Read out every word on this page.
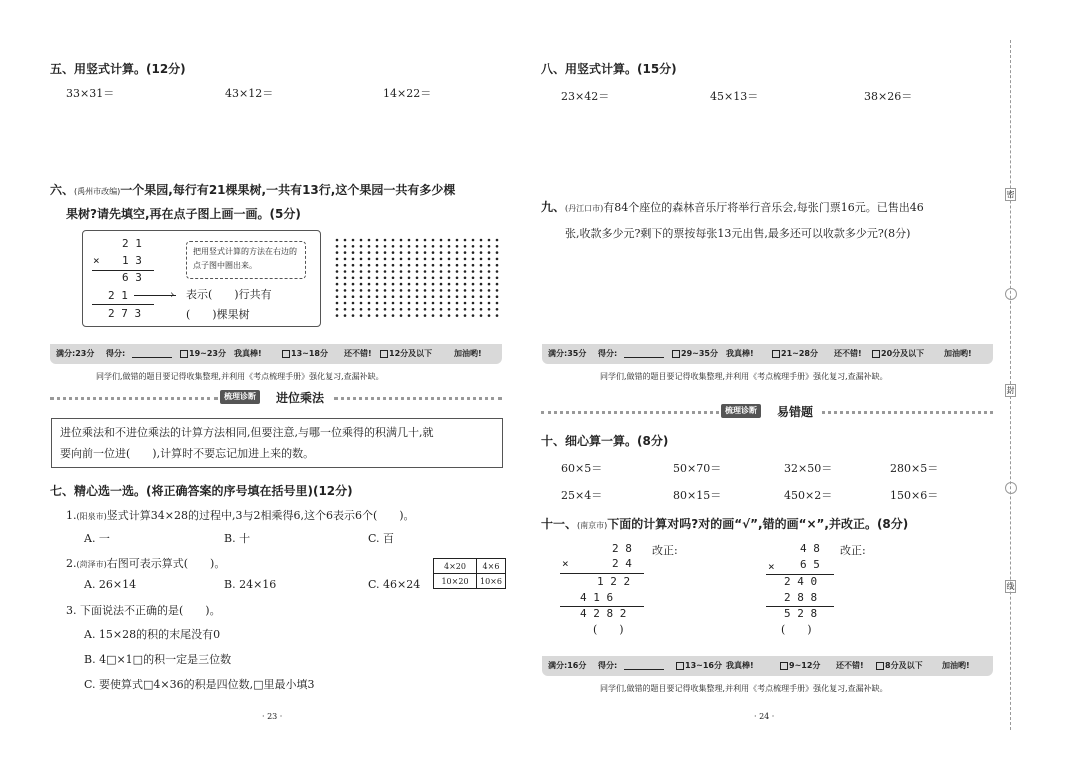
五、用竖式计算。(12分)
33×31＝	43×12＝	14×22＝
六、(禹州市改编)一个果园,每行有21棵果树,一共有13行,这个果园一共有多少棵
果树?请先填空,再在点子图上画一画。(5分)
2 1
× 1 3
6 3
2 1	›
2 7 3
把用竖式计算的方法在右边的点子图中圈出来。
表示(　　)行共有
(　　)棵果树
满分:23分 得分:	19~23分 我真棒!	13~18分 还不错!	12分及以下	加油哟!
同学们,做错的题目要记得收集整理,并利用《考点梳理手册》强化复习,查漏补缺。
梳理诊断	进位乘法
进位乘法和不进位乘法的计算方法相同,但要注意,与哪一位乘得的积满几十,就
要向前一位进(　　),计算时不要忘记加进上来的数。
七、精心选一选。(将正确答案的序号填在括号里)(12分)
1.(阳泉市)竖式计算34×28的过程中,3与2相乘得6,这个6表示6个(　　)。
A. 一	B. 十	C. 百
2.(菏泽市)右图可表示算式(　　)。
A. 26×14	B. 24×16	C. 46×24
4×20	4×6
10×20	10×6
3. 下面说法不正确的是(　　)。
A. 15×28的积的末尾没有0
B. 4□×1□的积一定是三位数
C. 要使算式□4×36的积是四位数,□里最小填3
· 23 ·
八、用竖式计算。(15分)
23×42＝	45×13＝	38×26＝
九、(丹江口市)有84个座位的森林音乐厅将举行音乐会,每张门票16元。已售出46
张,收款多少元?剩下的票按每张13元出售,最多还可以收款多少元?(8分)
满分:35分 得分:	29~35分 我真棒!	21~28分 还不错!	20分及以下 加油哟!
同学们,做错的题目要记得收集整理,并利用《考点梳理手册》强化复习,查漏补缺。
梳理诊断	易错题
十、细心算一算。(8分)
60×5＝	50×70＝	32×50＝	280×5＝
25×4＝	80×15＝	450×2＝	150×6＝
十一、(南京市)下面的计算对吗?对的画“√”,错的画“×”,并改正。(8分)
2 8 改正:
×	2 4
1 2 2
4 1 6
4 2 8 2
(　　)
4 8 改正:
× 6 5
2 4 0
2 8 8
5 2 8
(　　)
满分:16分 得分:	13~16分 我真棒!	9~12分 还不错!	8分及以下 加油哟!
同学们,做错的题目要记得收集整理,并利用《考点梳理手册》强化复习,查漏补缺。
· 24 ·
密
封
线
